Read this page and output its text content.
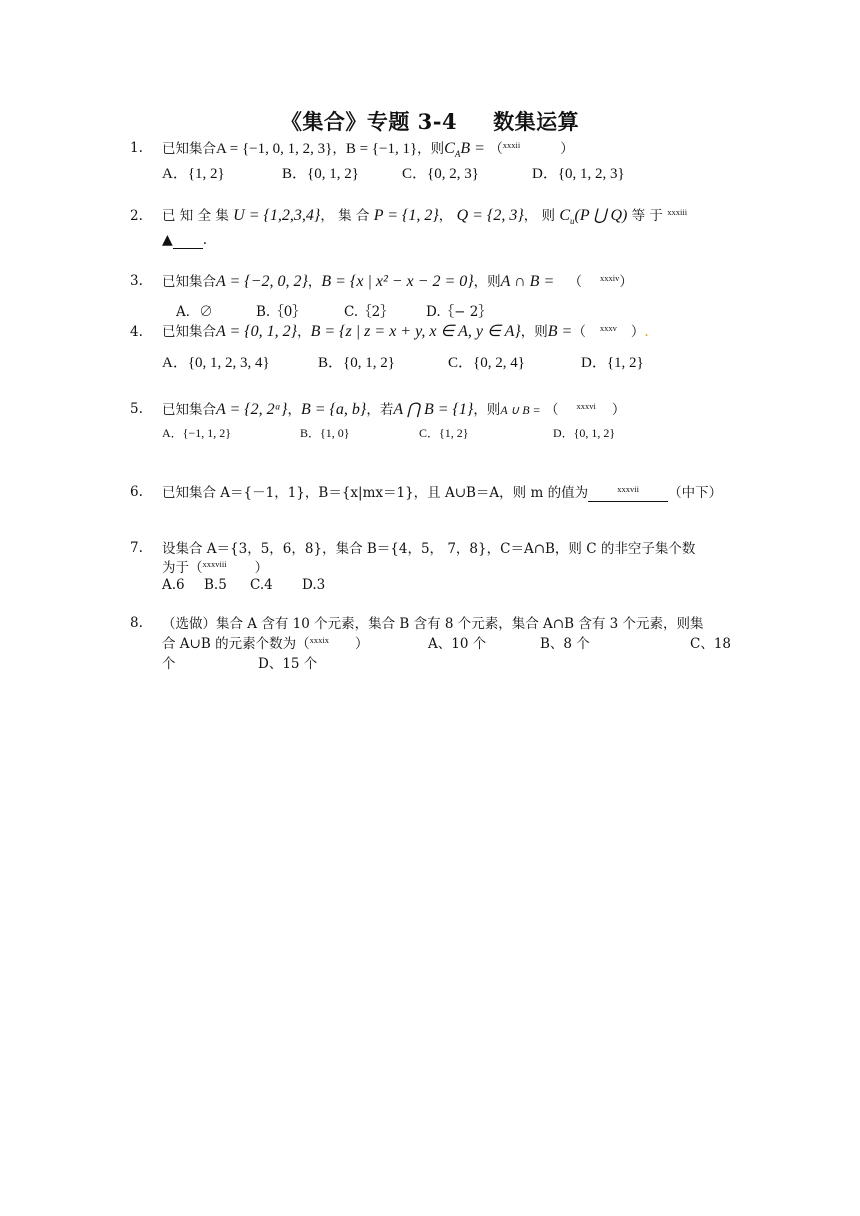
《集合》专题 3-4 数集运算
1. 已知集合A = {−1, 0, 1, 2, 3}，B = {−1, 1}，则$C_AB = (^{xxxii}$	）
A．{1, 2}	B．{0, 1, 2}	C．{0, 2, 3}	D．{0, 1, 2, 3}
2. 已 知 全 集 U = {1,2,3,4}， 集 合 P = {1, 2}， Q = {2, 3}， 则 $C_u(P$ ⋃ Q) 等 于 $^{xxxiii}$
▲ .
3. 已知集合A = {−2, 0, 2}，B = {x | x² − x − 2 = 0}，则A ∩ B = （ $^{xxxiv}$）
A．∅	B.｛0｝	C.｛2｝ D.｛− 2｝
4. 已知集合A = {0, 1, 2}，B = {z | z = x + y, x ∈ A, y ∈ A}，则B =（ $^{xxxv}$ ）.
A．{0, 1, 2, 3, 4}	B．{0, 1, 2}	C．{0, 2, 4}	D．{1, 2}
5. 已知集合A = {2, 2ᵃ}，B = {a, b}，若A ⋂ B = {1}，则A ∪ B = （ $^{xxxvi}$ ）
A．{−1, 1, 2}	B．{1, 0}	C．{1, 2}	D．{0, 1, 2}
6. 已知集合 A＝{－1，1}，B＝{x|mx＝1}，且 A∪B＝A，则 m 的值为	$^{xxxvii}$ （中下）
7. 设集合 A＝{3，5，6，8}，集合 B＝{4，5， 7，8}，C＝A∩B，则 C 的非空子集个数
为于（$^{xxxviii}$ ）
A.6 B.5 C.4 D.3
8. （选做）集合 A 含有 10 个元素，集合 B 含有 8 个元素，集合 A∩B 含有 3 个元素，则集
合 A∪B 的元素个数为（$^{xxxix}$ ）	A、10 个	B、8 个	C、18
个	D、15 个
